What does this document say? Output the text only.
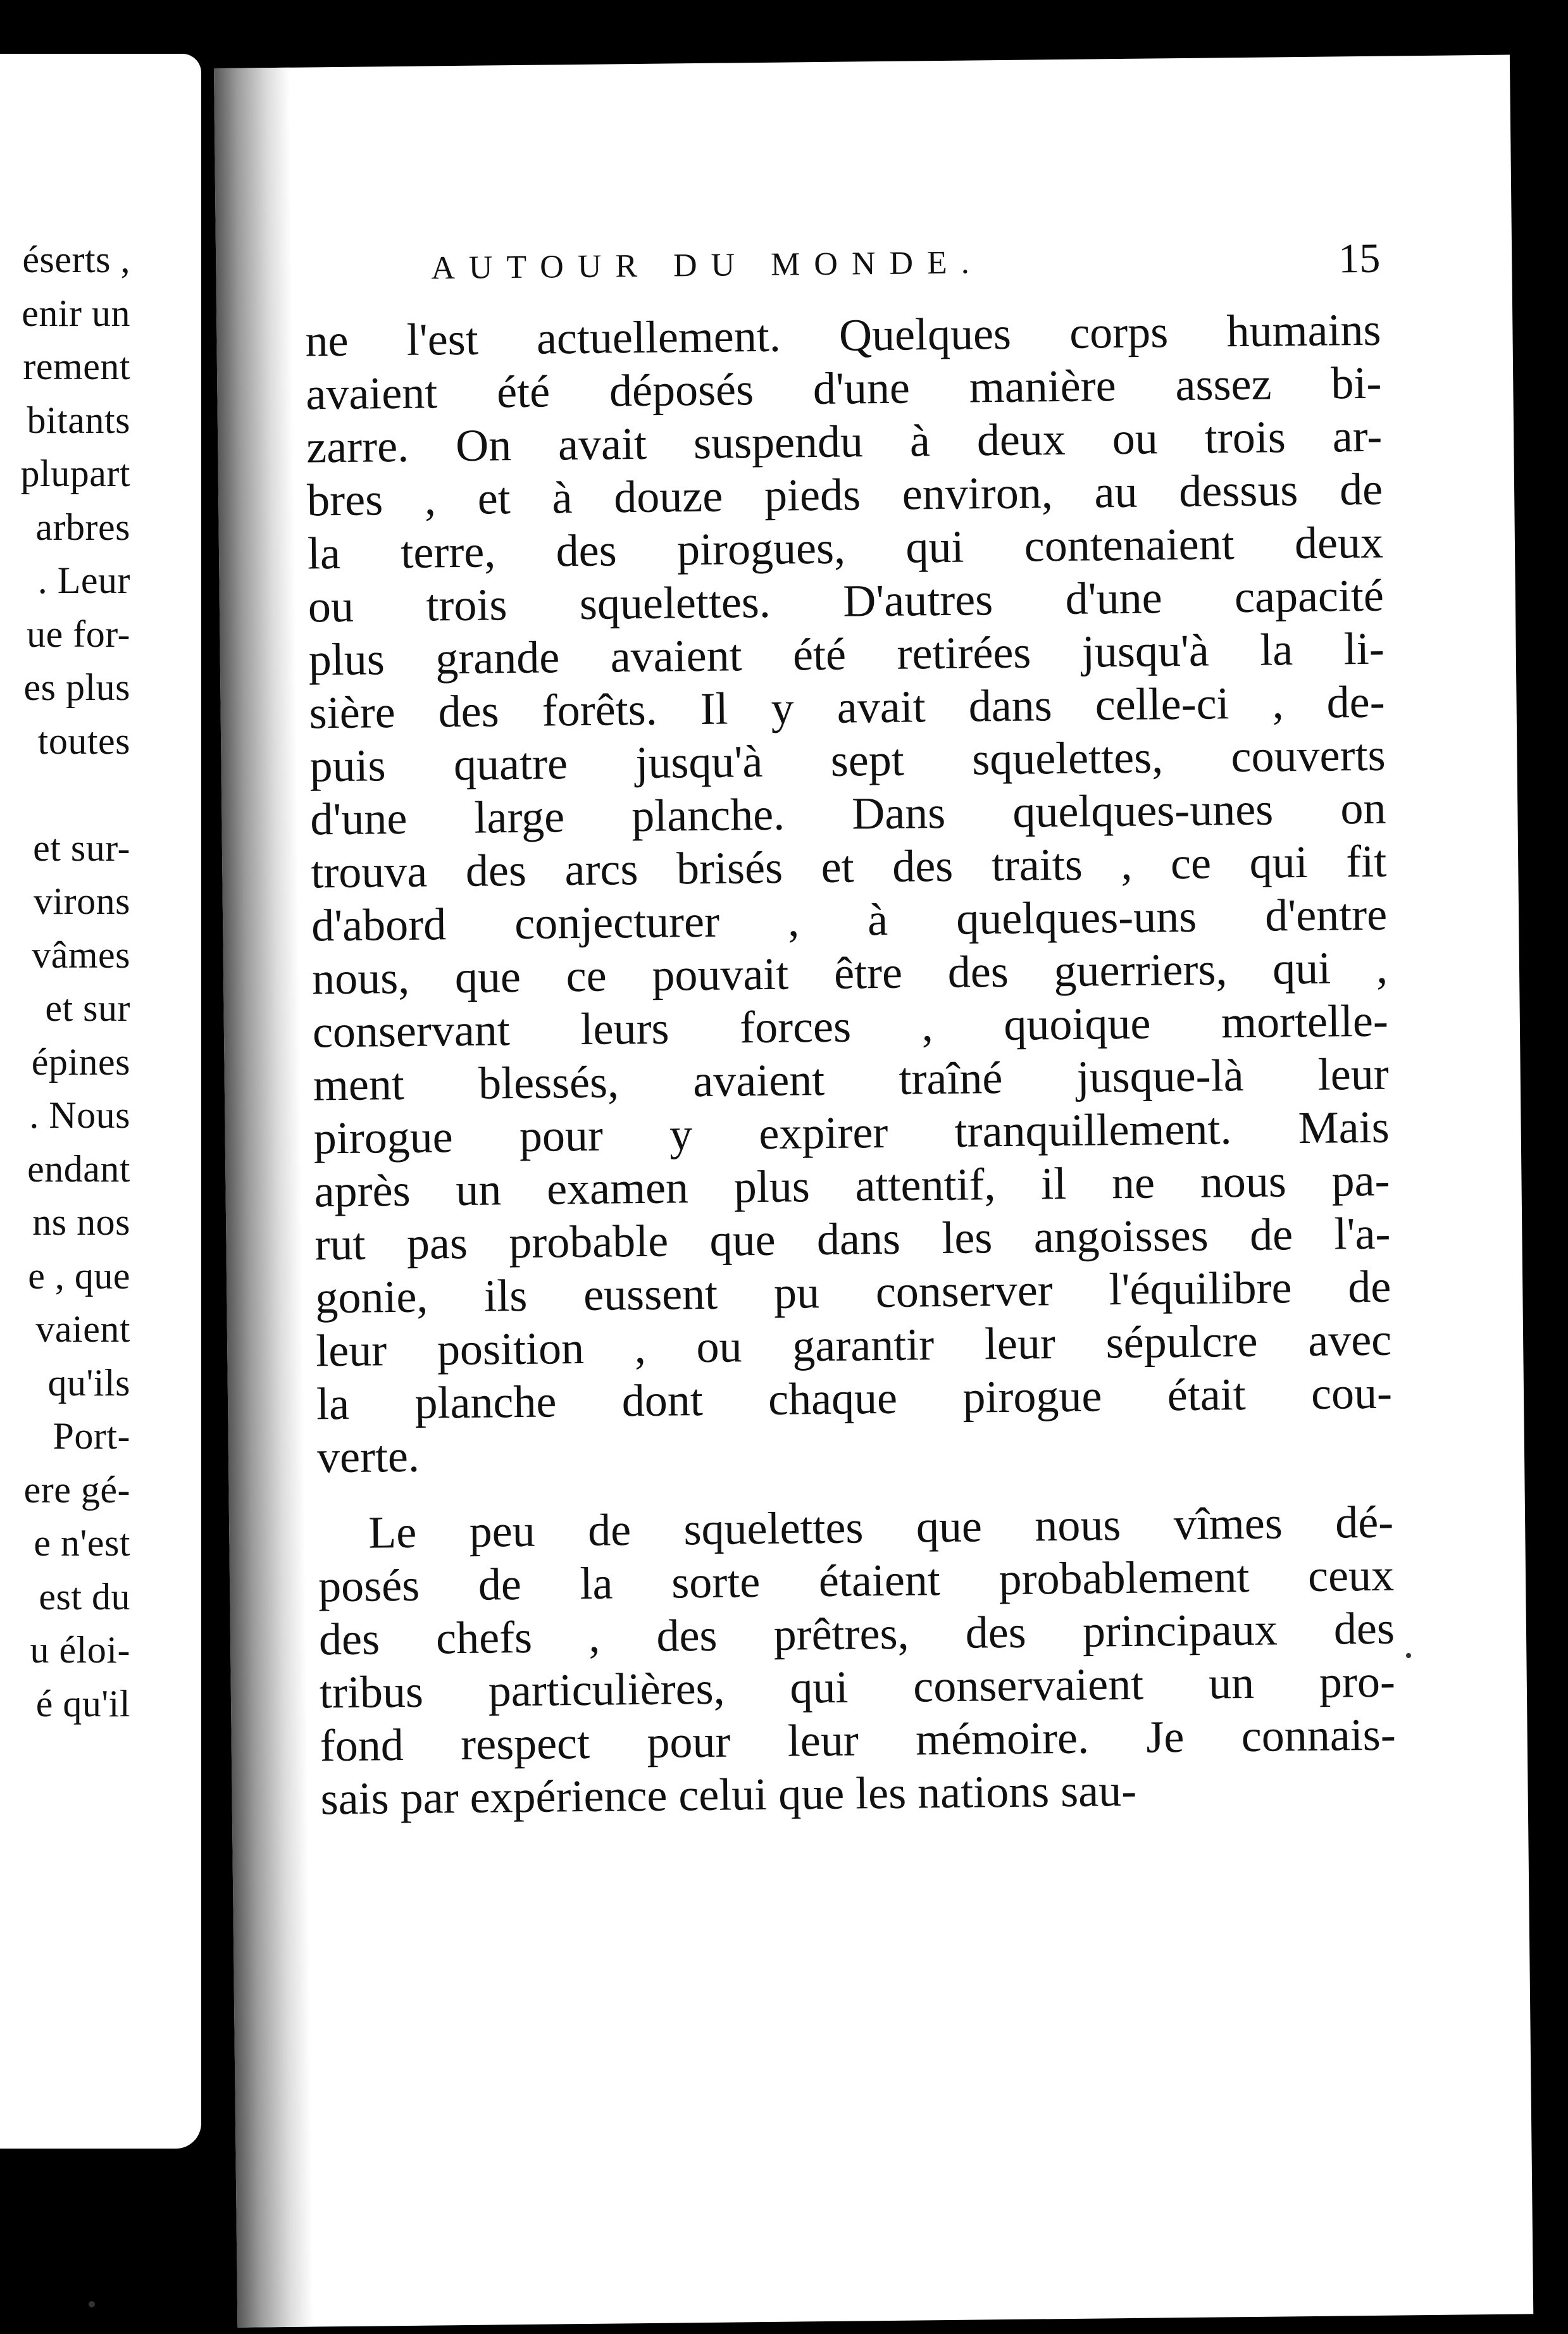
éserts ,
enir un
rement
bitants
plupart
arbres
. Leur
ue for-
es plus
toutes
et sur-
virons
vâmes
et sur
épines
. Nous
endant
ns nos
e , que
vaient
qu'ils
Port-
ere gé-
e n'est
est du
u éloi-
é qu'il
AUTOUR DU MONDE.	15
ne l'est actuellement. Quelques corps humains
avaient été déposés d'une manière assez bi-
zarre. On avait suspendu à deux ou trois ar-
bres , et à douze pieds environ, au dessus de
la terre, des pirogues, qui contenaient deux
ou trois squelettes. D'autres d'une capacité
plus grande avaient été retirées jusqu'à la li-
sière des forêts. Il y avait dans celle-ci , de-
puis quatre jusqu'à sept squelettes, couverts
d'une large planche. Dans quelques-unes on
trouva des arcs brisés et des traits , ce qui fit
d'abord conjecturer , à quelques-uns d'entre
nous, que ce pouvait être des guerriers, qui ,
conservant leurs forces , quoique mortelle-
ment blessés, avaient traîné jusque-là leur
pirogue pour y expirer tranquillement. Mais
après un examen plus attentif, il ne nous pa-
rut pas probable que dans les angoisses de l'a-
gonie, ils eussent pu conserver l'équilibre de
leur position , ou garantir leur sépulcre avec
la planche dont chaque pirogue était cou-
verte.
Le peu de squelettes que nous vîmes dé-
posés de la sorte étaient probablement ceux
des chefs , des prêtres, des principaux des
tribus particulières, qui conservaient un pro-
fond respect pour leur mémoire. Je connais-
sais par expérience celui que les nations sau-
